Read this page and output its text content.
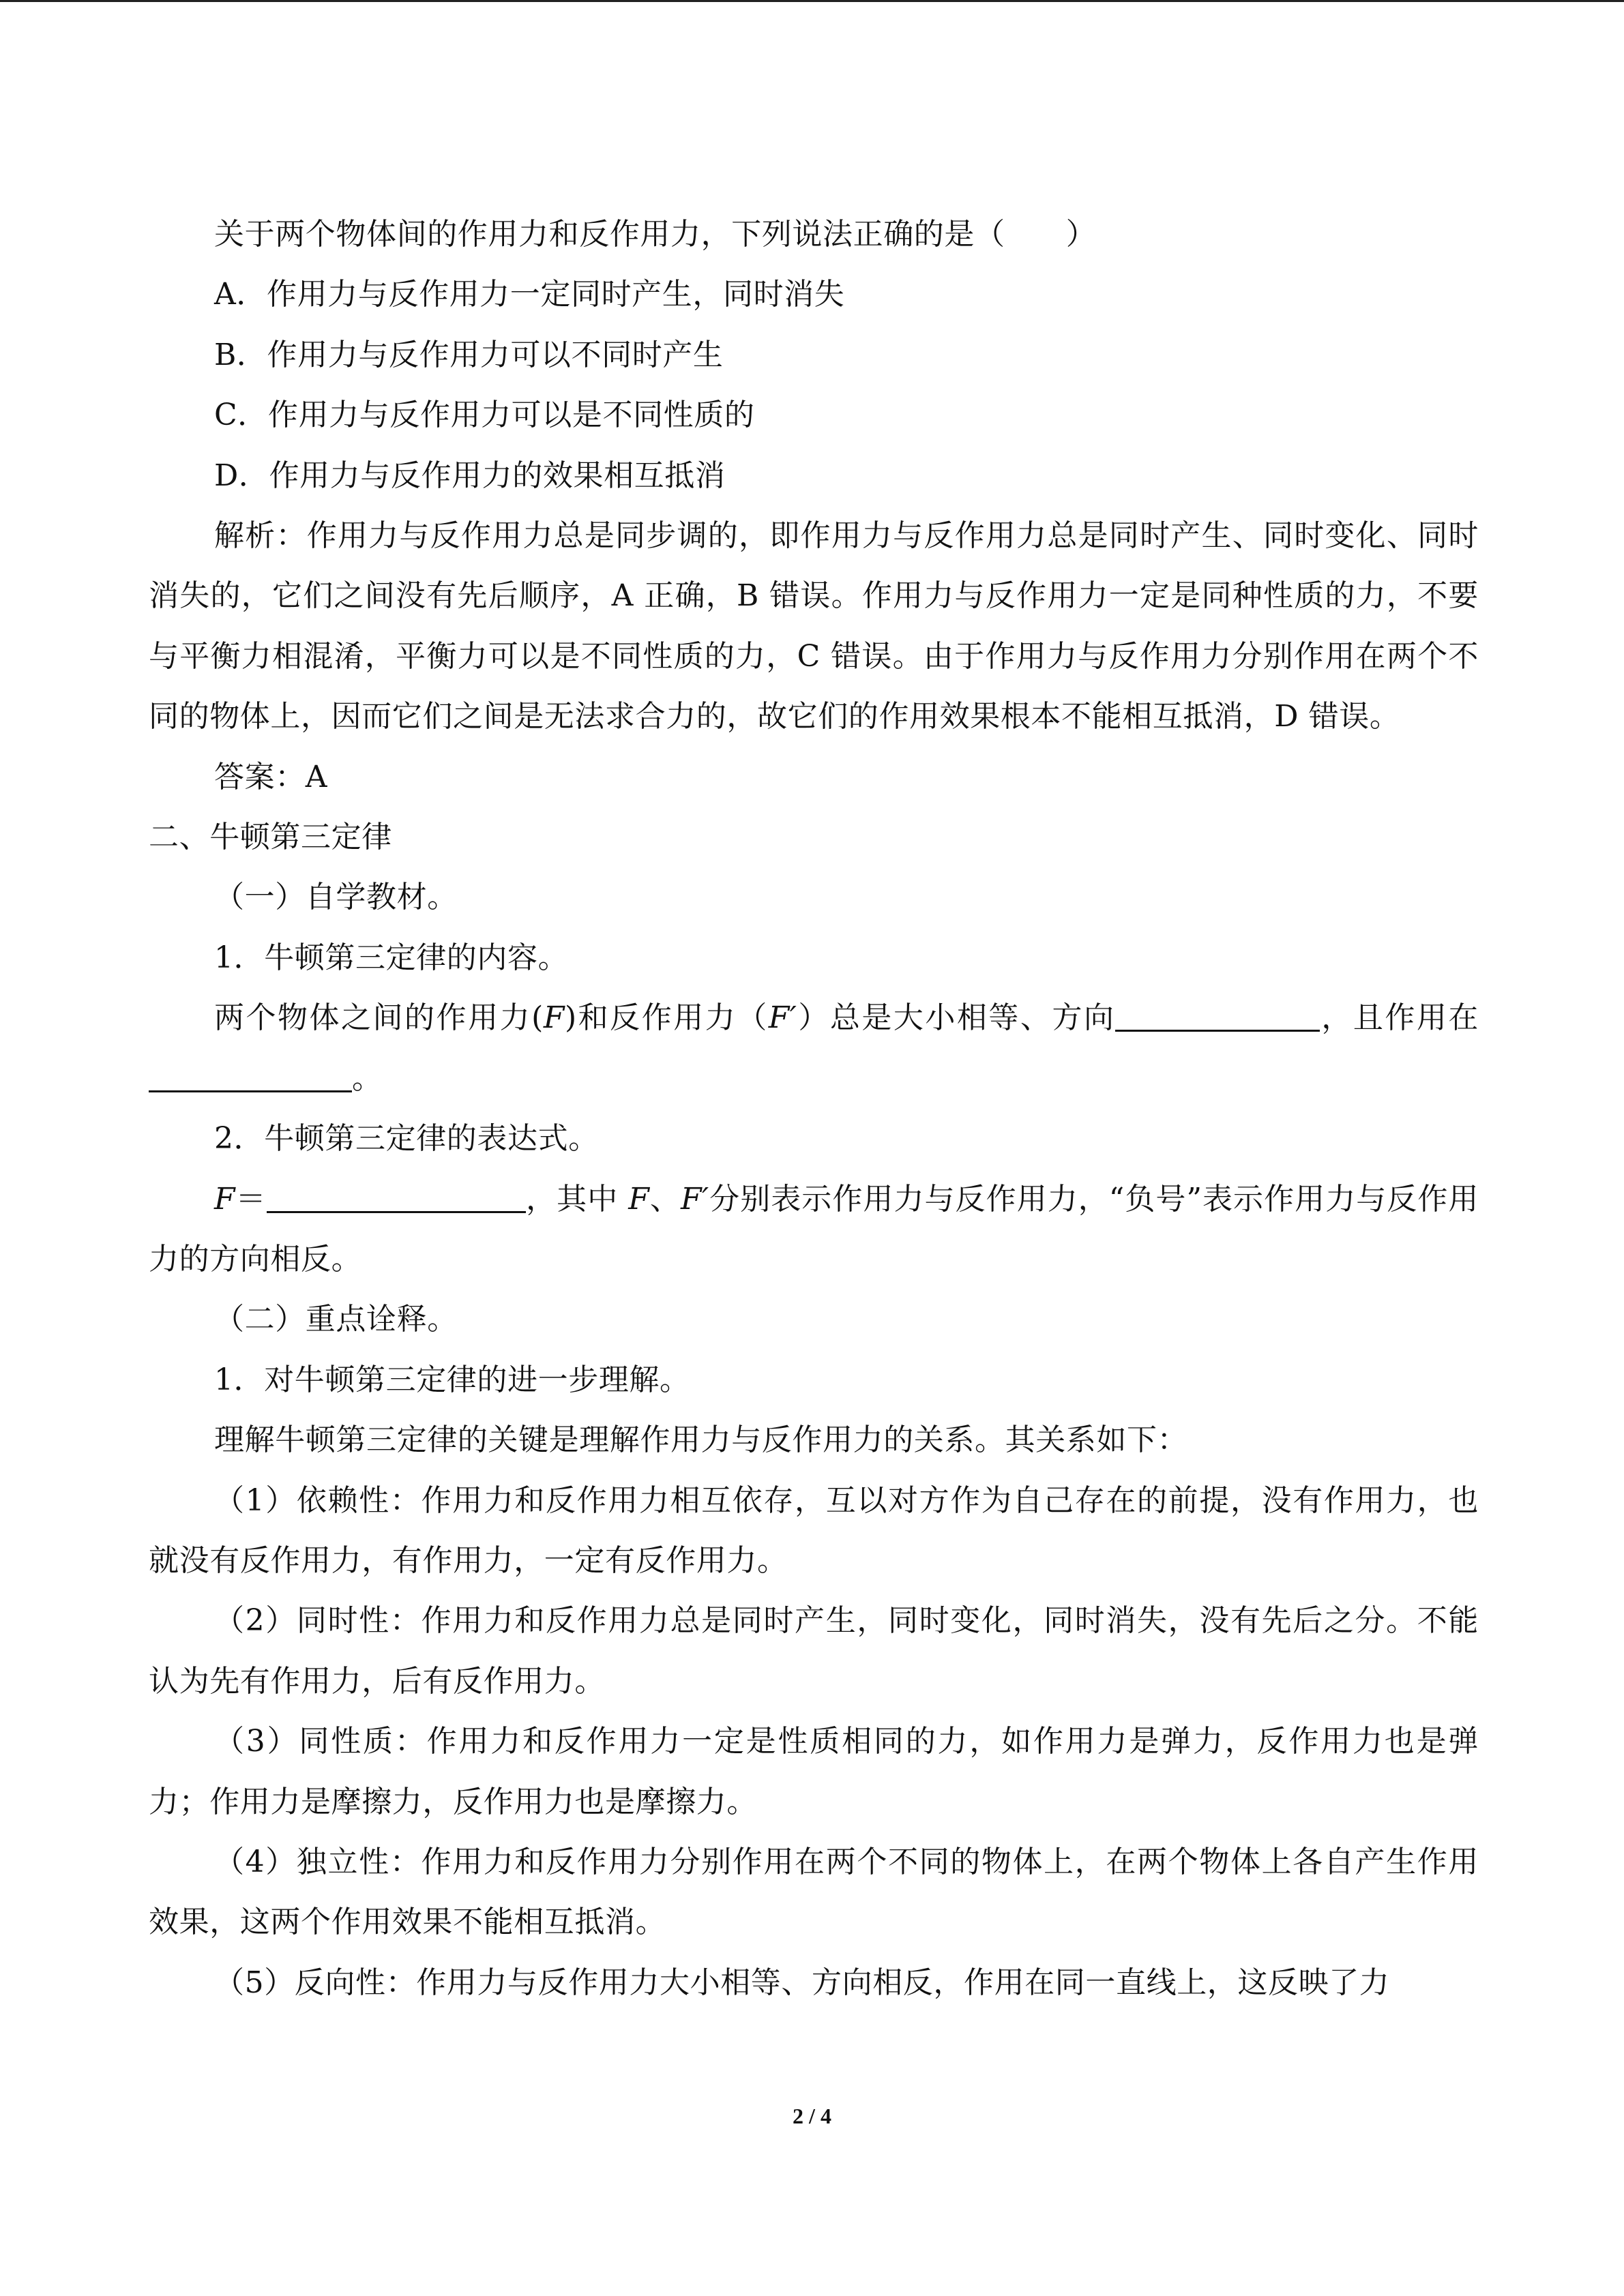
关于两个物体间的作用力和反作用力，下列说法正确的是（　　）

A．作用力与反作用力一定同时产生，同时消失

B．作用力与反作用力可以不同时产生

C．作用力与反作用力可以是不同性质的

D．作用力与反作用力的效果相互抵消

解析：作用力与反作用力总是同步调的，即作用力与反作用力总是同时产生、同时变化、同时消失的，它们之间没有先后顺序，A 正确，B 错误。作用力与反作用力一定是同种性质的力，不要与平衡力相混淆，平衡力可以是不同性质的力，C 错误。由于作用力与反作用力分别作用在两个不同的物体上，因而它们之间是无法求合力的，故它们的作用效果根本不能相互抵消，D 错误。

答案：A

二、牛顿第三定律

（一）自学教材。

1．牛顿第三定律的内容。

两个物体之间的作用力(F)和反作用力（F′）总是大小相等、方向	，且作用在。

2．牛顿第三定律的表达式。

F＝	，其中 F、F′分别表示作用力与反作用力，“负号”表示作用力与反作用力的方向相反。

（二）重点诠释。

1．对牛顿第三定律的进一步理解。

理解牛顿第三定律的关键是理解作用力与反作用力的关系。其关系如下：

（1）依赖性：作用力和反作用力相互依存，互以对方作为自己存在的前提，没有作用力，也就没有反作用力，有作用力，一定有反作用力。

（2）同时性：作用力和反作用力总是同时产生，同时变化，同时消失，没有先后之分。不能认为先有作用力，后有反作用力。

（3）同性质：作用力和反作用力一定是性质相同的力，如作用力是弹力，反作用力也是弹力；作用力是摩擦力，反作用力也是摩擦力。

（4）独立性：作用力和反作用力分别作用在两个不同的物体上，在两个物体上各自产生作用效果，这两个作用效果不能相互抵消。

（5）反向性：作用力与反作用力大小相等、方向相反，作用在同一直线上，这反映了力

2 / 4
